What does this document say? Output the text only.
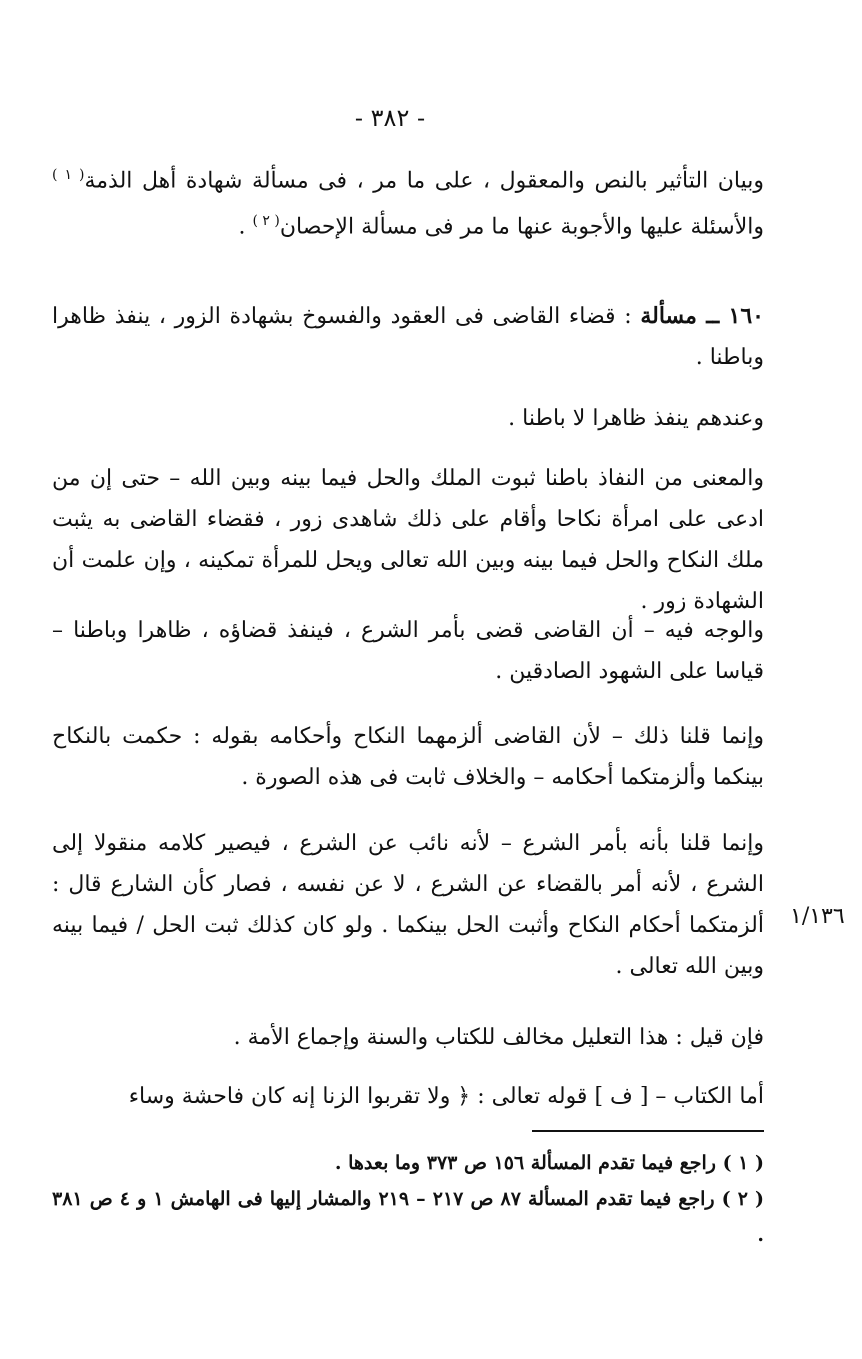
- ٣٨٢ -

وبيان التأثير بالنص والمعقول ، على ما مر ، فى مسألة شهادة أهل الذمة$^{( ١ )}$ والأسئلة عليها والأجوبة عنها ما مر فى مسألة الإحصان$^{( ٢ )}$ .

١٦٠ ــ مسألة : قضاء القاضى فى العقود والفسوخ بشهادة الزور ، ينفذ ظاهرا وباطنا .

وعندهم ينفذ ظاهرا لا باطنا .

والمعنى من النفاذ باطنا ثبوت الملك والحل فيما بينه وبين الله – حتى إن من ادعى على امرأة نكاحا وأقام على ذلك شاهدى زور ، فقضاء القاضى به يثبت ملك النكاح والحل فيما بينه وبين الله تعالى ويحل للمرأة تمكينه ، وإن علمت أن الشهادة زور .

والوجه فيه – أن القاضى قضى بأمر الشرع ، فينفذ قضاؤه ، ظاهرا وباطنا – قياسا على الشهود الصادقين .

وإنما قلنا ذلك – لأن القاضى ألزمهما النكاح وأحكامه بقوله : حكمت بالنكاح بينكما وألزمتكما أحكامه – والخلاف ثابت فى هذه الصورة .

وإنما قلنا بأنه بأمر الشرع – لأنه نائب عن الشرع ، فيصير كلامه منقولا إلى الشرع ، لأنه أمر بالقضاء عن الشرع ، لا عن نفسه ، فصار كأن الشارع قال : ألزمتكما أحكام النكاح وأثبت الحل بينكما . ولو كان كذلك ثبت الحل / فيما بينه وبين الله تعالى .

١/١٣٦

فإن قيل : هذا التعليل مخالف للكتاب والسنة وإجماع الأمة .

أما الكتاب – [ ف ] قوله تعالى : ﴿ ولا تقربوا الزنا إنه كان فاحشة وساء

( ١ ) راجع فيما تقدم المسألة ١٥٦ ص ٣٧٣ وما بعدها .

( ٢ ) راجع فيما تقدم المسألة ٨٧ ص ٢١٧ – ٢١٩ والمشار إليها فى الهامش ١ و ٤ ص ٣٨١ .
